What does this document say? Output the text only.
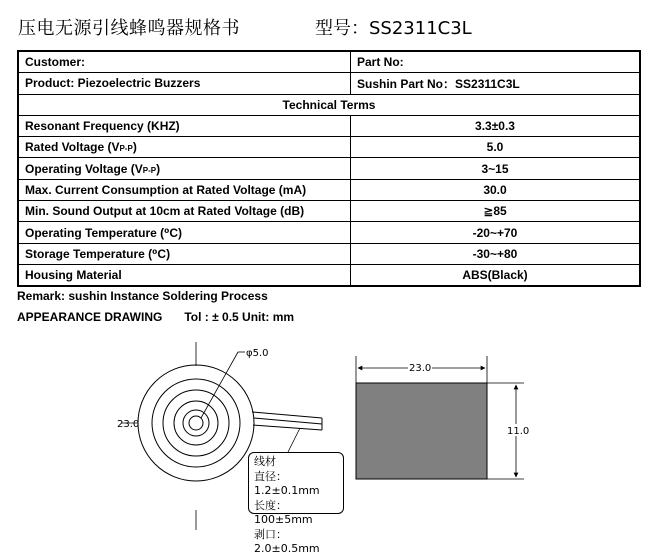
压电无源引线蜂鸣器规格书	型号：SS2311C3L
Customer:	Part No:
Product: Piezoelectric Buzzers	Sushin Part No：SS2311C3L
Technical Terms	
Resonant Frequency (KHZ)	3.3±0.3
Rated Voltage (VP-P)	5.0
Operating Voltage (VP-P)	3~15
Max. Current Consumption at Rated Voltage (mA)	30.0
Min. Sound Output at 10cm at Rated Voltage (dB)	≧85
Operating Temperature (⁰C)	-20~+70
Storage Temperature (⁰C)	-30~+80
Housing Material	ABS(Black)
Remark: sushin Instance Soldering Process
APPEARANCE DRAWING Tol : ± 0.5 Unit: mm
φ5.0
23.0
23.0
11.0
线材
直径：1.2±0.1mm
长度：100±5mm
剥口：2.0±0.5mm
